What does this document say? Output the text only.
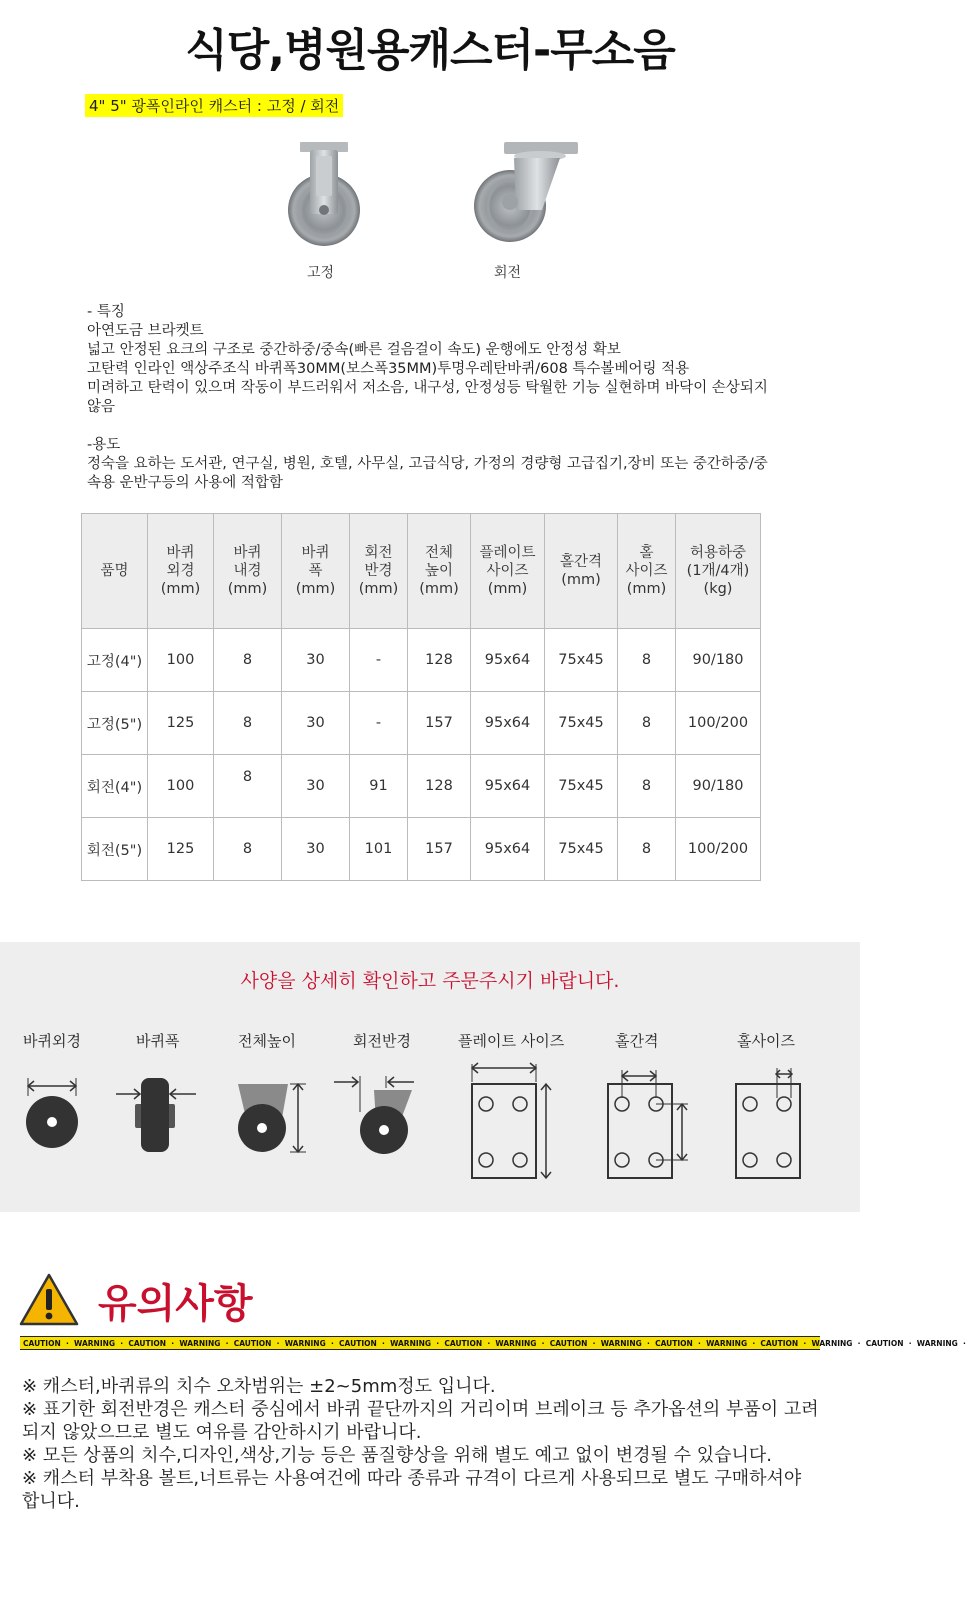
식당,병원용캐스터-무소음
4" 5" 광폭인라인 캐스터 : 고정 / 회전
고정	회전

- 특징

아연도금 브라켓트

넓고 안정된 요크의 구조로 중간하중/중속(빠른 걸음걸이 속도) 운행에도 안정성 확보

고탄력 인라인 액상주조식 바퀴폭30MM(보스폭35MM)투명우레탄바퀴/608 특수볼베어링 적용

미려하고 탄력이 있으며 작동이 부드러워서 저소음, 내구성, 안정성등 탁월한 기능 실현하며 바닥이 손상되지 않음

-용도

정숙을 요하는 도서관, 연구실, 병원, 호텔, 사무실, 고급식당, 가정의 경량형 고급집기,장비 또는 중간하중/중속용 운반구등의 사용에 적합함

품명	바퀴
외경
(mm)	바퀴
내경
(mm)	바퀴
폭
(mm)	회전
반경
(mm)	전체
높이
(mm)	플레이트
사이즈
(mm)	홀간격
(mm)	홀
사이즈
(mm)	허용하중
(1개/4개)
(kg)
고정(4")	100	8	30	-	128	95x64	75x45	8	90/180
고정(5")	125	8	30	-	157	95x64	75x45	8	100/200
회전(4")	100	8	30	91	128	95x64	75x45	8	90/180
회전(5")	125	8	30	101	157	95x64	75x45	8	100/200
사양을 상세히 확인하고 주문주시기 바랍니다.
바퀴외경	바퀴폭	전체높이	회전반경	플레이트 사이즈	홀간격	홀사이즈
유의사항
CAUTION  ·  WARNING  ·  CAUTION  ·  WARNING  ·  CAUTION  ·  WARNING  ·  CAUTION  ·  WARNING  ·  CAUTION  ·  WARNING  ·  CAUTION  ·  WARNING  ·  CAUTION  ·  WARNING  ·  CAUTION  ·  WARNING  ·  CAUTION  ·  WARNING  ·

※ 캐스터,바퀴류의 치수 오차범위는 ±2~5mm정도 입니다.

※ 표기한 회전반경은 캐스터 중심에서 바퀴 끝단까지의 거리이며 브레이크 등 추가옵션의 부품이 고려되지 않았으므로 별도 여유를 감안하시기 바랍니다.

※ 모든 상품의 치수,디자인,색상,기능 등은 품질향상을 위해 별도 예고 없이 변경될 수 있습니다.

※ 캐스터 부착용 볼트,너트류는 사용여건에 따라 종류과 규격이 다르게 사용되므로 별도 구매하셔야 합니다.
